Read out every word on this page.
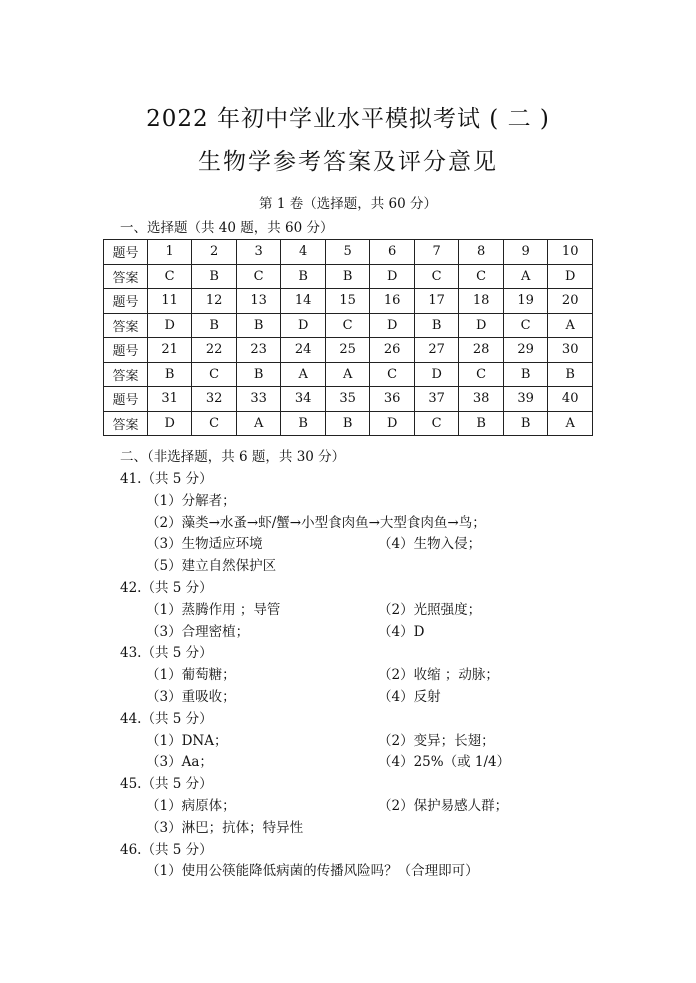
2022 年初中学业水平模拟考试 ( 二 )
生物学参考答案及评分意见
第 1 卷（选择题，共 60 分）
一、选择题（共 40 题，共 60 分）
题号	1	2	3	4	5	6	7	8	9	10
答案	C	B	C	B	B	D	C	C	A	D
题号	11	12	13	14	15	16	17	18	19	20
答案	D	B	B	D	C	D	B	D	C	A
题号	21	22	23	24	25	26	27	28	29	30
答案	B	C	B	A	A	C	D	C	B	B
题号	31	32	33	34	35	36	37	38	39	40
答案	D	C	A	B	B	D	C	B	B	A
二、（非选择题，共 6 题，共 30 分）
41.（共 5 分）
（1）分解者；
（2）藻类→水蚤→虾/蟹→小型食肉鱼→大型食肉鱼→鸟；
（3）生物适应环境	（4）生物入侵；
（5）建立自然保护区
42.（共 5 分）
（1）蒸腾作用 ；导管	（2）光照强度；
（3）合理密植；	（4）D
43.（共 5 分）
（1）葡萄糖；	（2）收缩 ；动脉；
（3）重吸收；	（4）反射
44.（共 5 分）
（1）DNA；	（2）变异；长翅；
（3）Aa；	（4）25%（或 1/4）
45.（共 5 分）
（1）病原体；	（2）保护易感人群；
（3）淋巴；抗体；特异性
46.（共 5 分）
（1）使用公筷能降低病菌的传播风险吗？（合理即可）
